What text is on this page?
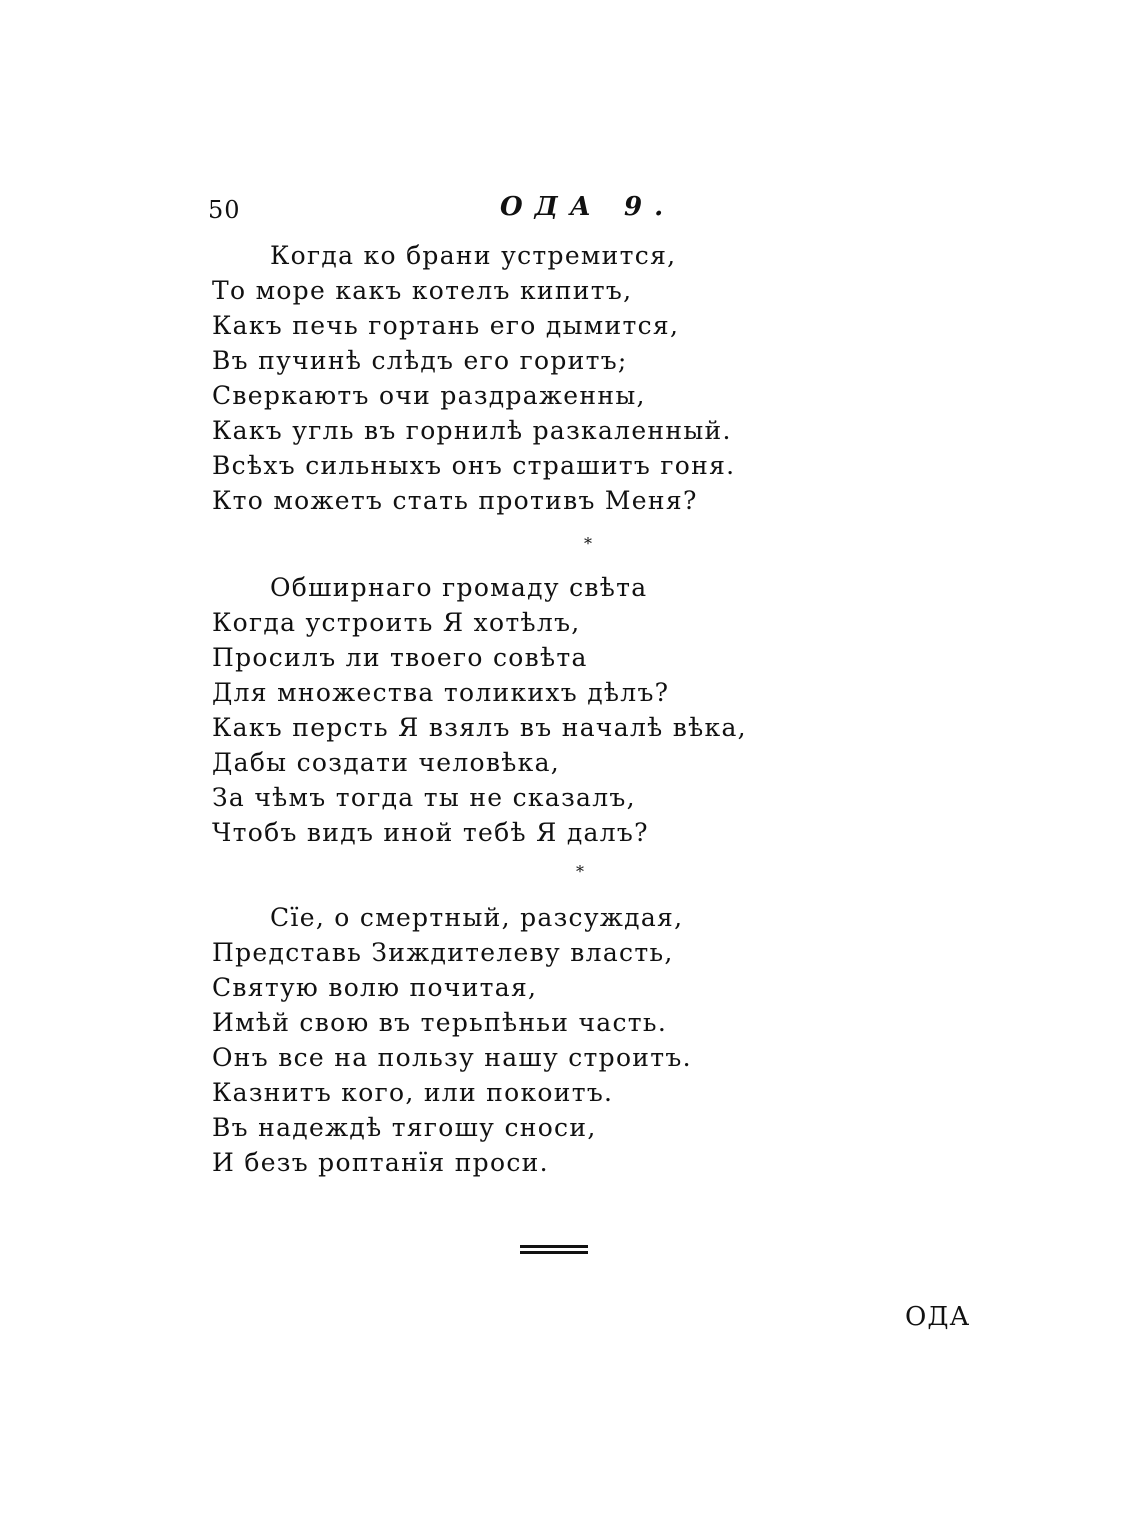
50	ОДА 9.
Когда ко брани устремится,
То море какъ котелъ кипитъ,
Какъ печь гортань его дымится,
Въ пучинѣ слѣдъ его горитъ;
Сверкаютъ очи раздраженны,
Какъ угль въ горнилѣ разкаленный.
Всѣхъ сильныхъ онъ страшитъ гоня.
Кто можетъ стать противъ Меня?
*
Обширнаго громаду свѣта
Когда устроить Я хотѣлъ,
Просилъ ли твоего совѣта
Для множества толикихъ дѣлъ?
Какъ персть Я взялъ въ началѣ вѣка,
Дабы создати человѣка,
За чѣмъ тогда ты не сказалъ,
Чтобъ видъ иной тебѣ Я далъ?
*
Сїе, о смертный, разсуждая,
Представь Зиждителеву власть,
Святую волю почитая,
Имѣй свою въ терьпѣньи часть.
Онъ все на пользу нашу строитъ.
Казнитъ кого, или покоитъ.
Въ надеждѣ тягошу сноси,
И безъ роптанїя проси.
ОДА
